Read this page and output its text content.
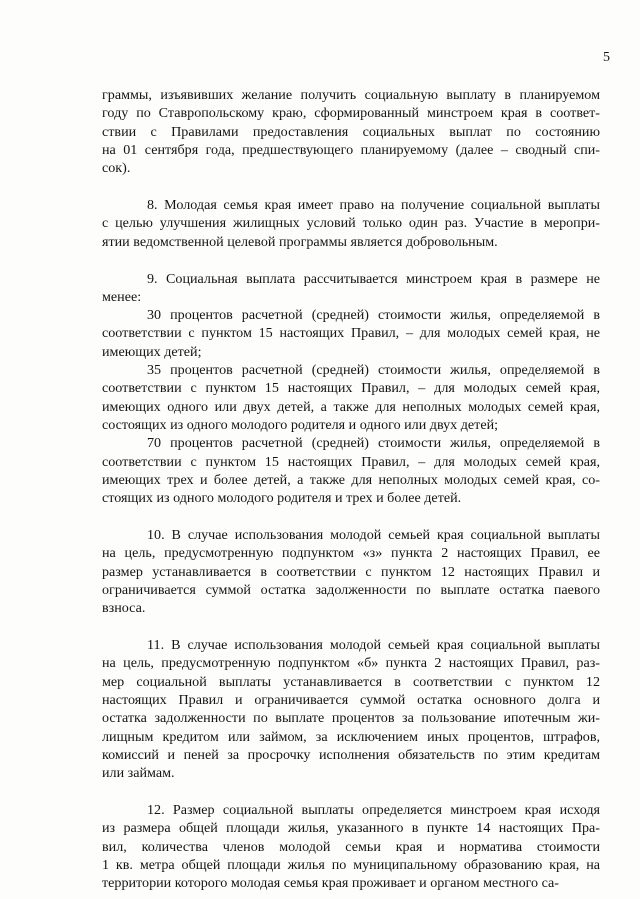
5
граммы, изъявивших желание получить социальную выплату в планируемом
году по Ставропольскому краю, сформированный минстроем края в соответ-
ствии с Правилами предоставления социальных выплат по состоянию
на 01 сентября года, предшествующего планируемому (далее – сводный спи-
сок).
8. Молодая семья края имеет право на получение социальной выплаты
с целью улучшения жилищных условий только один раз. Участие в меропри-
ятии ведомственной целевой программы является добровольным.
9. Социальная выплата рассчитывается минстроем края в размере не
менее:
30 процентов расчетной (средней) стоимости жилья, определяемой в
соответствии с пунктом 15 настоящих Правил, – для молодых семей края, не
имеющих детей;
35 процентов расчетной (средней) стоимости жилья, определяемой в
соответствии с пунктом 15 настоящих Правил, – для молодых семей края,
имеющих одного или двух детей, а также для неполных молодых семей края,
состоящих из одного молодого родителя и одного или двух детей;
70 процентов расчетной (средней) стоимости жилья, определяемой в
соответствии с пунктом 15 настоящих Правил, – для молодых семей края,
имеющих трех и более детей, а также для неполных молодых семей края, со-
стоящих из одного молодого родителя и трех и более детей.
10. В случае использования молодой семьей края социальной выплаты
на цель, предусмотренную подпунктом «з» пункта 2 настоящих Правил, ее
размер устанавливается в соответствии с пунктом 12 настоящих Правил и
ограничивается суммой остатка задолженности по выплате остатка паевого
взноса.
11. В случае использования молодой семьей края социальной выплаты
на цель, предусмотренную подпунктом «б» пункта 2 настоящих Правил, раз-
мер социальной выплаты устанавливается в соответствии с пунктом 12
настоящих Правил и ограничивается суммой остатка основного долга и
остатка задолженности по выплате процентов за пользование ипотечным жи-
лищным кредитом или займом, за исключением иных процентов, штрафов,
комиссий и пеней за просрочку исполнения обязательств по этим кредитам
или займам.
12. Размер социальной выплаты определяется минстроем края исходя
из размера общей площади жилья, указанного в пункте 14 настоящих Пра-
вил, количества членов молодой семьи края и норматива стоимости
1 кв. метра общей площади жилья по муниципальному образованию края, на
территории которого молодая семья края проживает и органом местного са-
